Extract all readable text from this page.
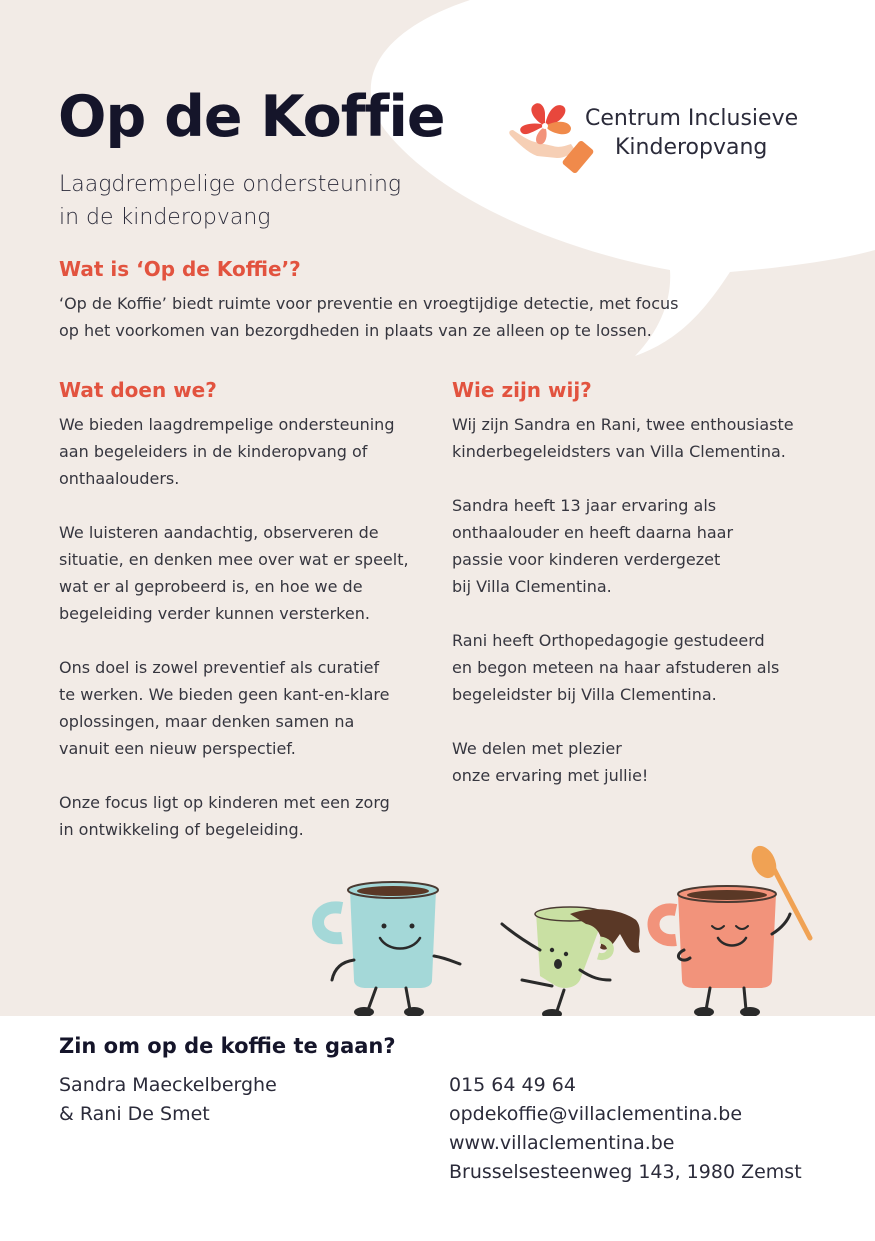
Op de Koffie
Laagdrempelige ondersteuning
in de kinderopvang
Centrum Inclusieve
Kinderopvang
Wat is ‘Op de Koffie’?
‘Op de Koffie’ biedt ruimte voor preventie en vroegtijdige detectie, met focus
op het voorkomen van bezorgdheden in plaats van ze alleen op te lossen.
Wat doen we?
We bieden laagdrempelige ondersteuning
aan begeleiders in de kinderopvang of
onthaalouders.
We luisteren aandachtig, observeren de
situatie, en denken mee over wat er speelt,
wat er al geprobeerd is, en hoe we de
begeleiding verder kunnen versterken.
Ons doel is zowel preventief als curatief
te werken. We bieden geen kant-en-klare
oplossingen, maar denken samen na
vanuit een nieuw perspectief.
Onze focus ligt op kinderen met een zorg
in ontwikkeling of begeleiding.
Wie zijn wij?
Wij zijn Sandra en Rani, twee enthousiaste
kinderbegeleidsters van Villa Clementina.
Sandra heeft 13 jaar ervaring als
onthaalouder en heeft daarna haar
passie voor kinderen verdergezet
bij Villa Clementina.
Rani heeft Orthopedagogie gestudeerd
en begon meteen na haar afstuderen als
begeleidster bij Villa Clementina.
We delen met plezier
onze ervaring met jullie!
Zin om op de koffie te gaan?
Sandra Maeckelberghe
& Rani De Smet
015 64 49 64
opdekoffie@villaclementina.be
www.villaclementina.be
Brusselsesteenweg 143, 1980 Zemst
